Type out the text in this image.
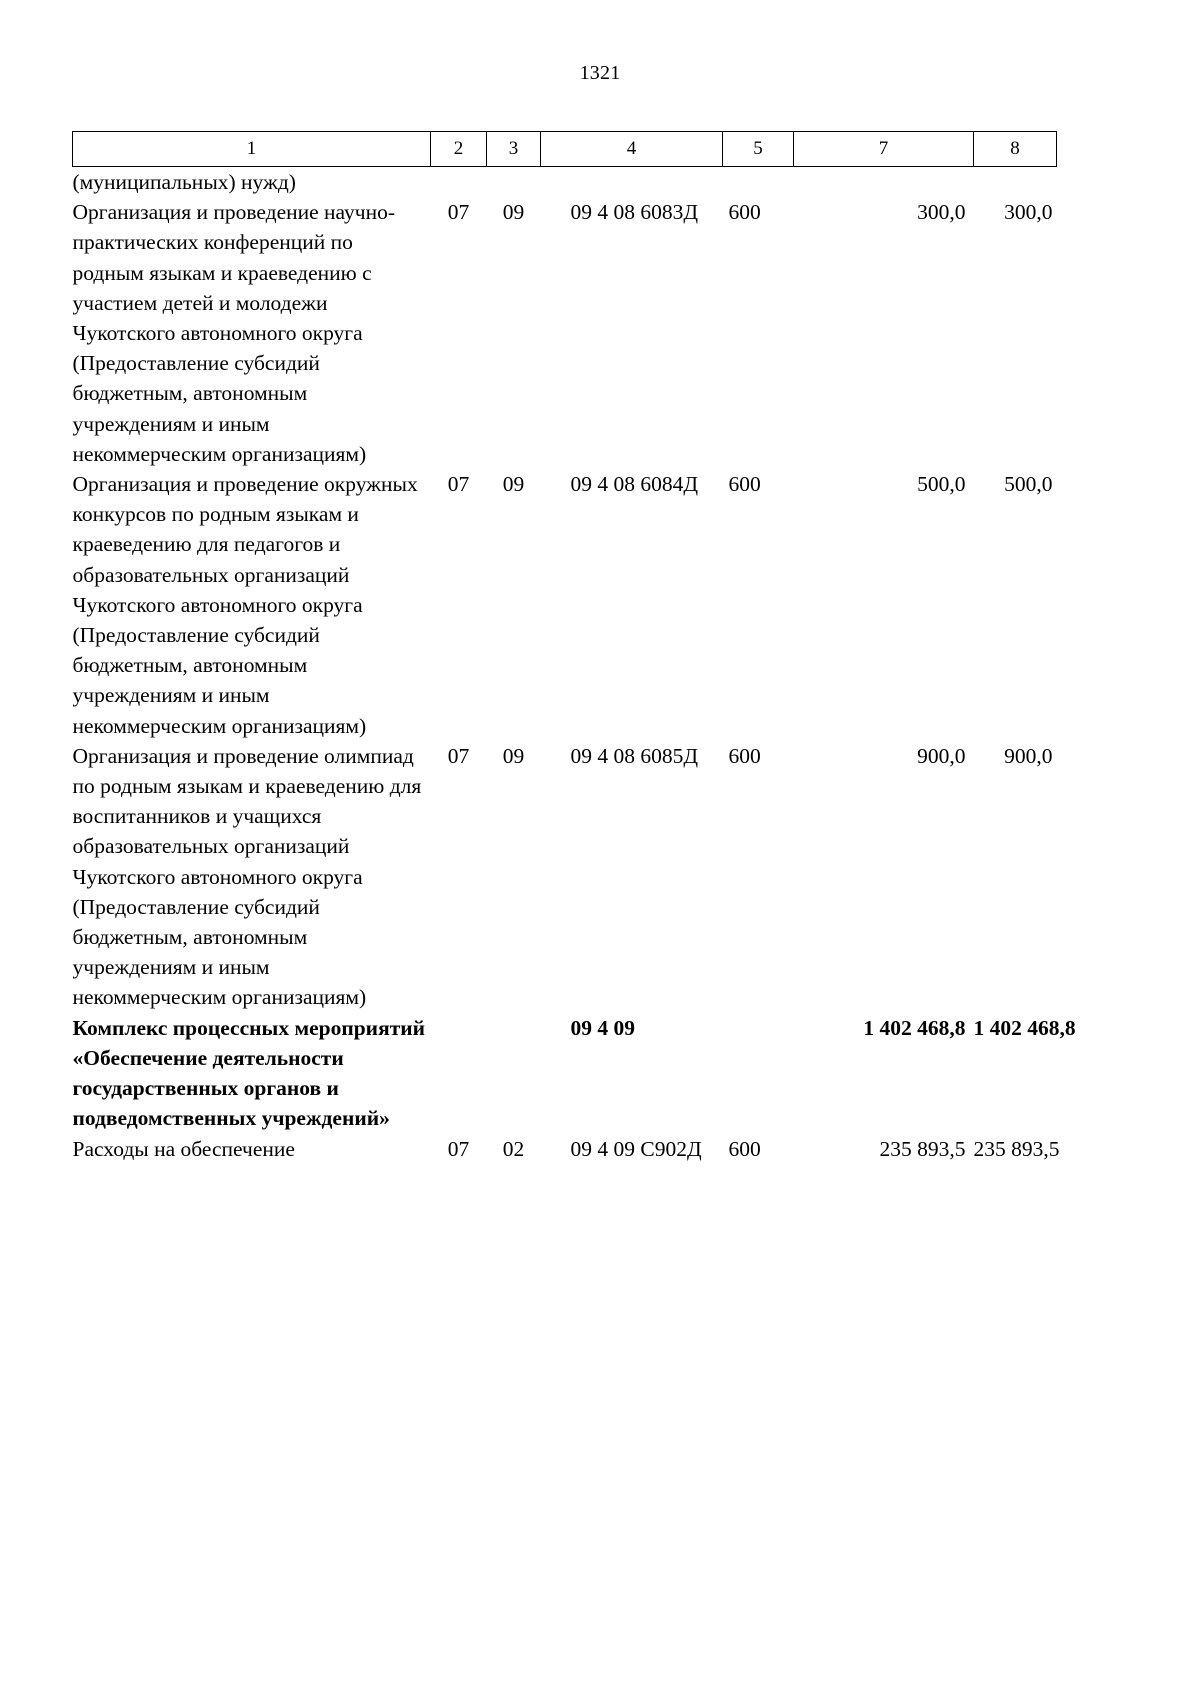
1321
1	2	3	4	5	7	8
(муниципальных) нужд)						
Организация и проведение научно-практических конференций по родным языкам и краеведению с участием детей и молодежи Чукотского автономного округа (Предоставление субсидий бюджетным, автономным учреждениям и иным некоммерческим организациям)	07	09	09 4 08 6083Д	600	300,0	300,0
Организация и проведение окружных конкурсов по родным языкам и краеведению для педагогов и образовательных организаций Чукотского автономного округа (Предоставление субсидий бюджетным, автономным учреждениям и иным некоммерческим организациям)	07	09	09 4 08 6084Д	600	500,0	500,0
Организация и проведение олимпиад по родным языкам и краеведению для воспитанников и учащихся образовательных организаций Чукотского автономного округа (Предоставление субсидий бюджетным, автономным учреждениям и иным некоммерческим организациям)	07	09	09 4 08 6085Д	600	900,0	900,0
Комплекс процессных мероприятий «Обеспечение деятельности государственных органов и подведомственных учреждений»			09 4 09		1 402 468,8	1 402 468,8
Расходы на обеспечение	07	02	09 4 09 С902Д	600	235 893,5	235 893,5
